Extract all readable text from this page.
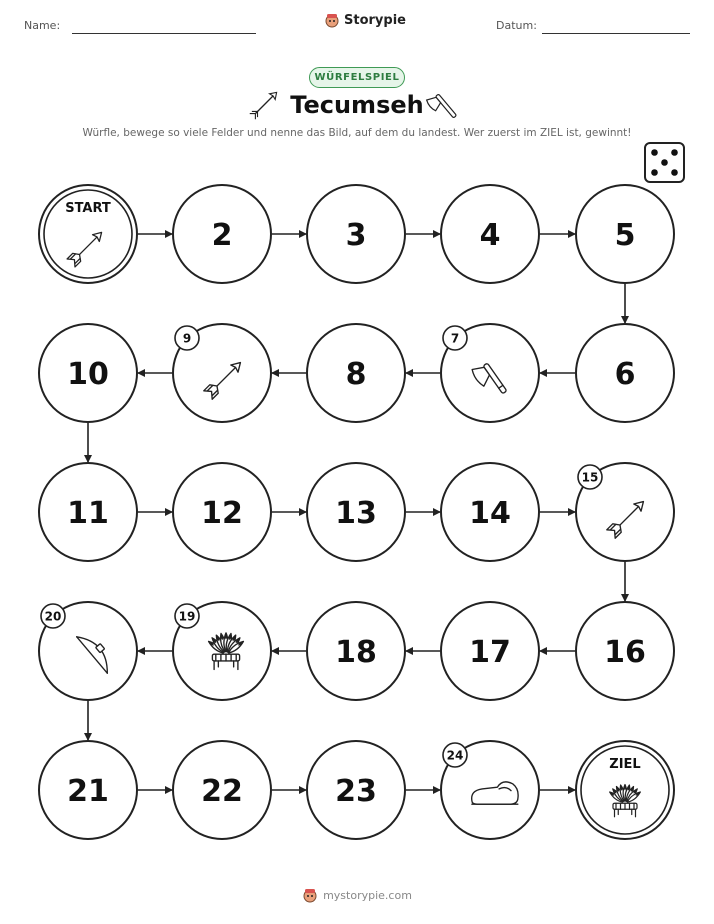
Name:	Storypie	Datum:
WÜRFELSPIEL
Tecumseh
Würfle, bewege so viele Felder und nenne das Bild, auf dem du landest. Wer zuerst im ZIEL ist, gewinnt!
START
2	3	4	5
6
7
8
9
10
11	12	13	14
15
16
17
18
19
20
21	22	23
24
ZIEL
mystorypie.com
